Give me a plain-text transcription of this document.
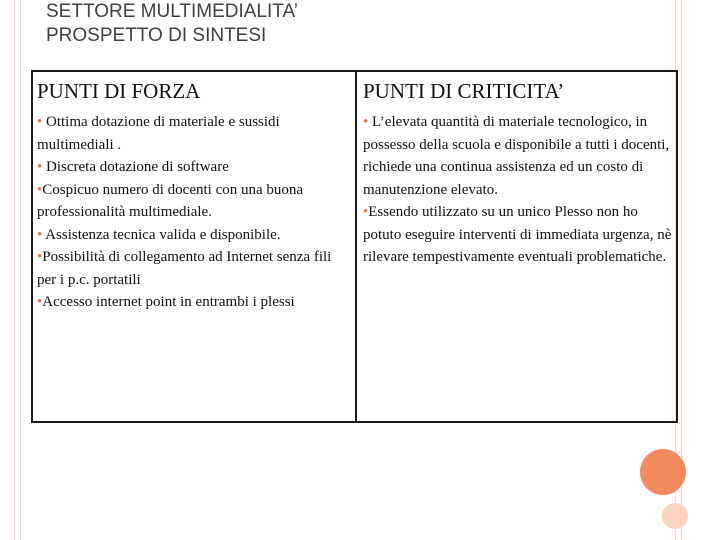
SETTORE MULTIMEDIALITA’
PROSPETTO DI SINTESI
PUNTI DI FORZA
• Ottima dotazione di materiale e sussidi multimediali .
• Discreta dotazione di software
•Cospicuo numero di docenti con una buona professionalità multimediale.
• Assistenza tecnica valida e disponibile.
•Possibilità di collegamento ad Internet senza fili per i p.c. portatili
•Accesso internet point in entrambi i plessi
PUNTI DI CRITICITA’
• L’elevata quantità di materiale tecnologico, in possesso della scuola e disponibile a tutti i docenti, richiede una continua assistenza ed un costo di manutenzione elevato.
•Essendo utilizzato su un unico Plesso non ho potuto eseguire interventi di immediata urgenza, nè rilevare tempestivamente eventuali problematiche.
